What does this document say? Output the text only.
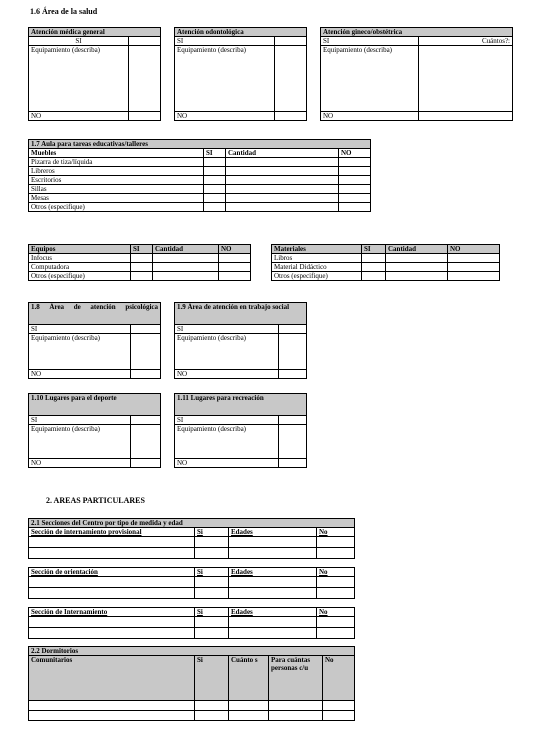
1.6 Área de la salud
Atención médica general	
SI	
Equipamiento (describa)	
NO	
Atención odontológica	
SI	
Equipamiento (describa)	
NO	
Atención gineco/obstétrica	
SI	Cuántos?:
Equipamiento (describa)	
NO	
1.7 Aula para tareas educativas/talleres			
Muebles	SI	Cantidad	NO
Pizarra de tiza/líquida			
Libreros			
Escritorios			
Sillas			
Mesas			
Otros (especifique)			
Equipos	SI	Cantidad	NO
Infocus			
Computadora			
Otros (especifique)			
Materiales	SI	Cantidad	NO
Libros			
Material Didáctico			
Otros (especifique)			
1.8 Área de atención psicológica	
SI	
Equipamiento (describa)	
NO	
1.9 Área de atención en trabajo social	
SI	
Equipamiento (describa)	
NO	
1.10 Lugares para el deporte	
SI	
Equipamiento (describa)	
NO	
1.11 Lugares para recreación	
SI	
Equipamiento (describa)	
NO	
2. AREAS PARTICULARES
2.1 Secciones del Centro por tipo de medida y edad			
Sección de internamiento provisional	Si	Edades	No

Sección de orientación	Si	Edades	No

Sección de Internamiento	Si	Edades	No

2.2 Dormitorios				
Comunitarios	Si	Cuánto s	Para cuántas personas c/u	No
